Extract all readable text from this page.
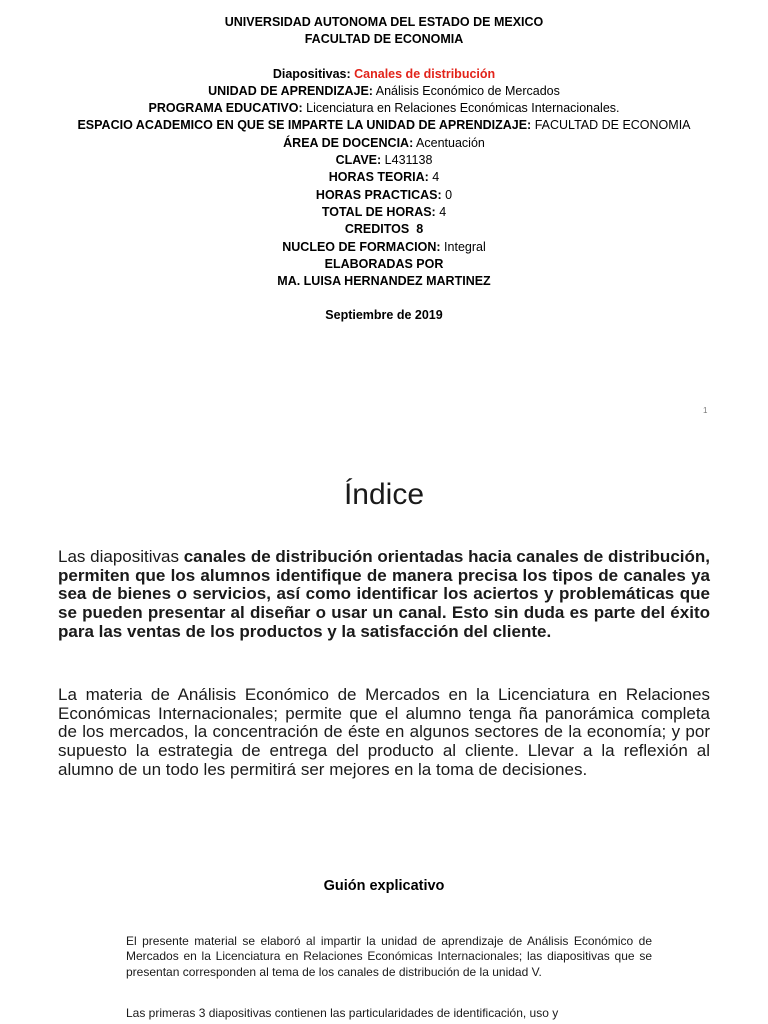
UNIVERSIDAD AUTONOMA DEL ESTADO DE MEXICO
FACULTAD DE ECONOMIA
Diapositivas: Canales de distribución
UNIDAD DE APRENDIZAJE: Análisis Económico de Mercados
PROGRAMA EDUCATIVO: Licenciatura en Relaciones Económicas Internacionales.
ESPACIO ACADEMICO EN QUE SE IMPARTE LA UNIDAD DE APRENDIZAJE: FACULTAD DE ECONOMIA
ÁREA DE DOCENCIA: Acentuación
CLAVE: L431138
HORAS TEORIA: 4
HORAS PRACTICAS: 0
TOTAL DE HORAS: 4
CREDITOS 8
NUCLEO DE FORMACION: Integral
ELABORADAS POR
MA. LUISA HERNANDEZ MARTINEZ
Septiembre de 2019
1
Índice

Las diapositivas canales de distribución orientadas hacia canales de distribución, permiten que los alumnos identifique de manera precisa los tipos de canales ya sea de bienes o servicios, así como identificar los aciertos y problemáticas que se pueden presentar al diseñar o usar un canal. Esto sin duda es parte del éxito para las ventas de los productos y la satisfacción del cliente.

La materia de Análisis Económico de Mercados en la Licenciatura en Relaciones Económicas Internacionales; permite que el alumno tenga ña panorámica completa de los mercados, la concentración de éste en algunos sectores de la economía; y por supuesto la estrategia de entrega del producto al cliente. Llevar a la reflexión al alumno de un todo les permitirá ser mejores en la toma de decisiones.

Guión explicativo

El presente material se elaboró al impartir la unidad de aprendizaje de Análisis Económico de Mercados en la Licenciatura en Relaciones Económicas Internacionales; las diapositivas que se presentan corresponden al tema de los canales de distribución de la unidad V.

Las primeras 3 diapositivas contienen las particularidades de identificación, uso y
